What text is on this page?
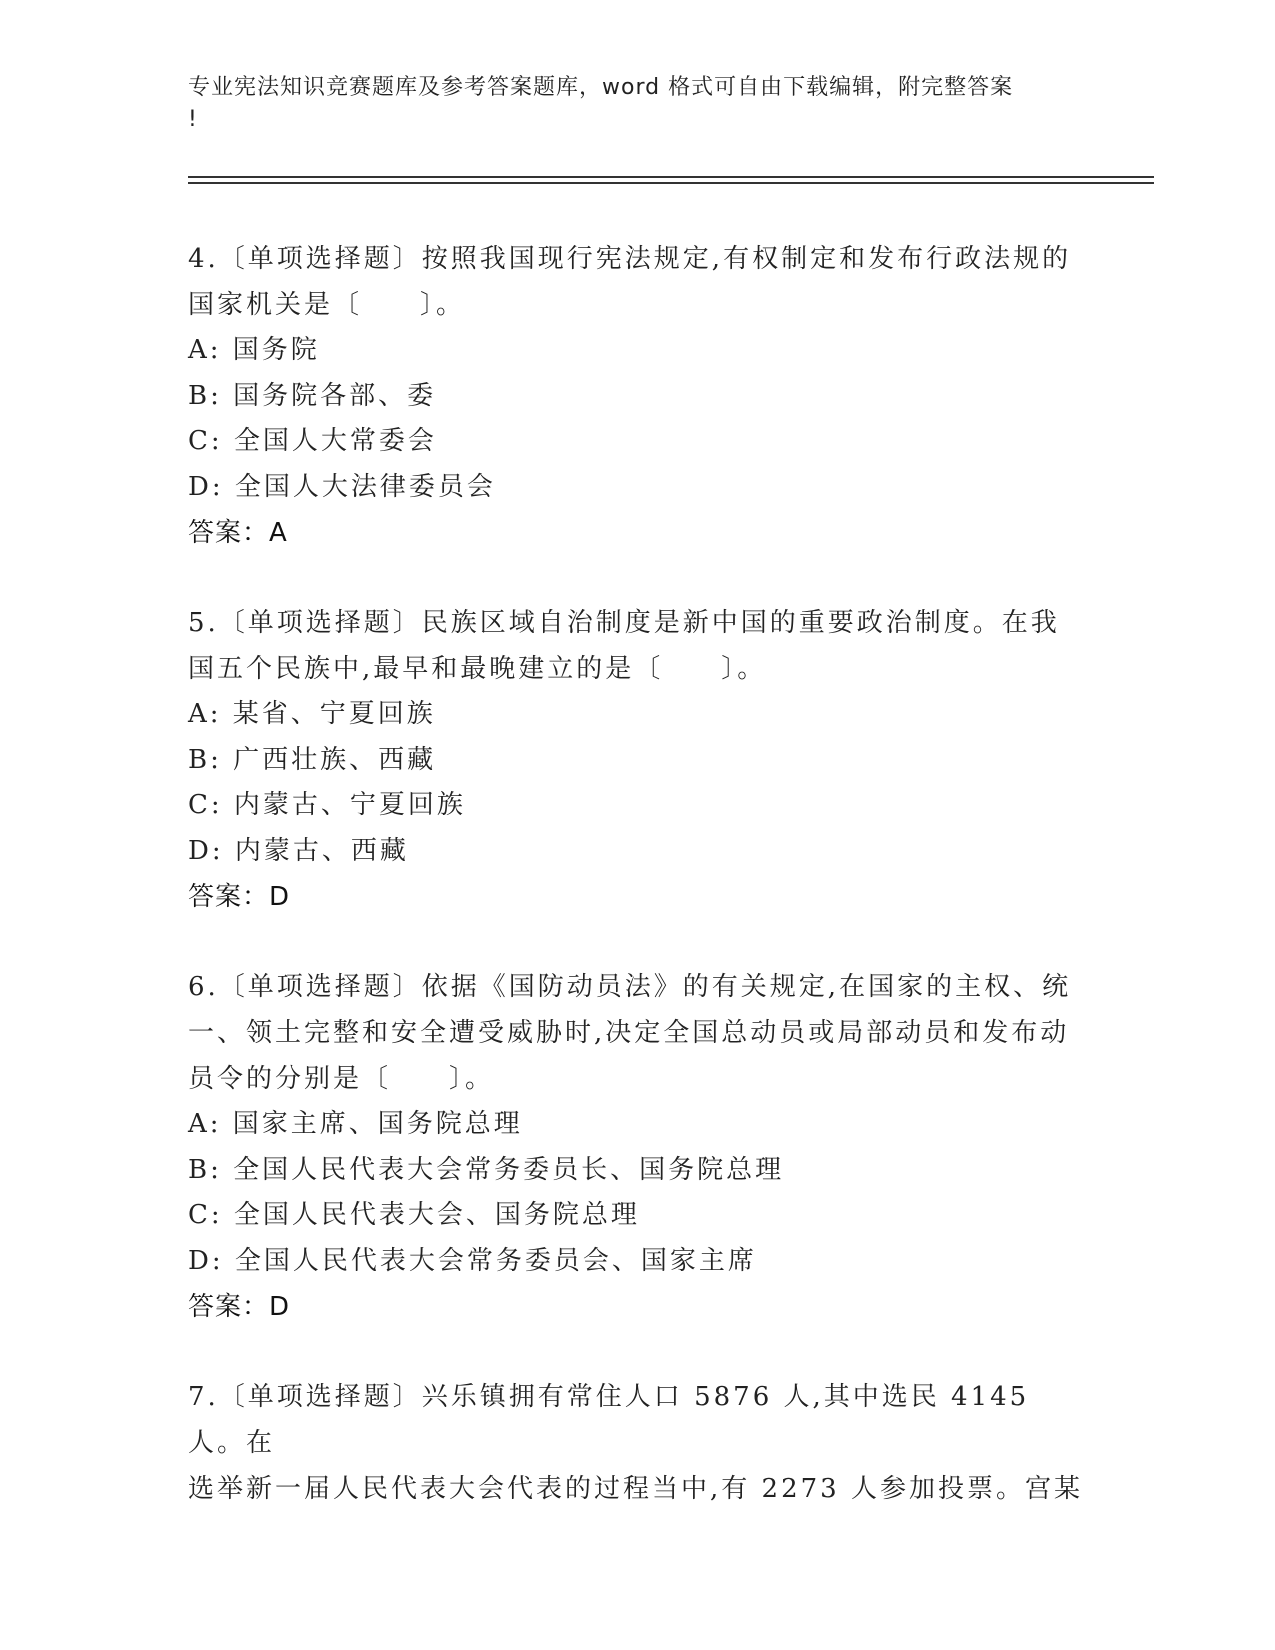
专业宪法知识竞赛题库及参考答案题库，word 格式可自由下载编辑，附完整答案
!

4.〔单项选择题〕按照我国现行宪法规定,有权制定和发布行政法规的

国家机关是〔　　〕。

A: 国务院

B: 国务院各部、委

C: 全国人大常委会

D: 全国人大法律委员会

答案：A

5.〔单项选择题〕民族区域自治制度是新中国的重要政治制度。在我

国五个民族中,最早和最晚建立的是〔　　〕。

A: 某省、宁夏回族

B: 广西壮族、西藏

C: 内蒙古、宁夏回族

D: 内蒙古、西藏

答案：D

6.〔单项选择题〕依据《国防动员法》的有关规定,在国家的主权、统

一、领土完整和安全遭受威胁时,决定全国总动员或局部动员和发布动

员令的分别是〔　　〕。

A: 国家主席、国务院总理

B: 全国人民代表大会常务委员长、国务院总理

C: 全国人民代表大会、国务院总理

D: 全国人民代表大会常务委员会、国家主席

答案：D

7.〔单项选择题〕兴乐镇拥有常住人口 5876 人,其中选民 4145 人。在

选举新一届人民代表大会代表的过程当中,有 2273 人参加投票。宫某
